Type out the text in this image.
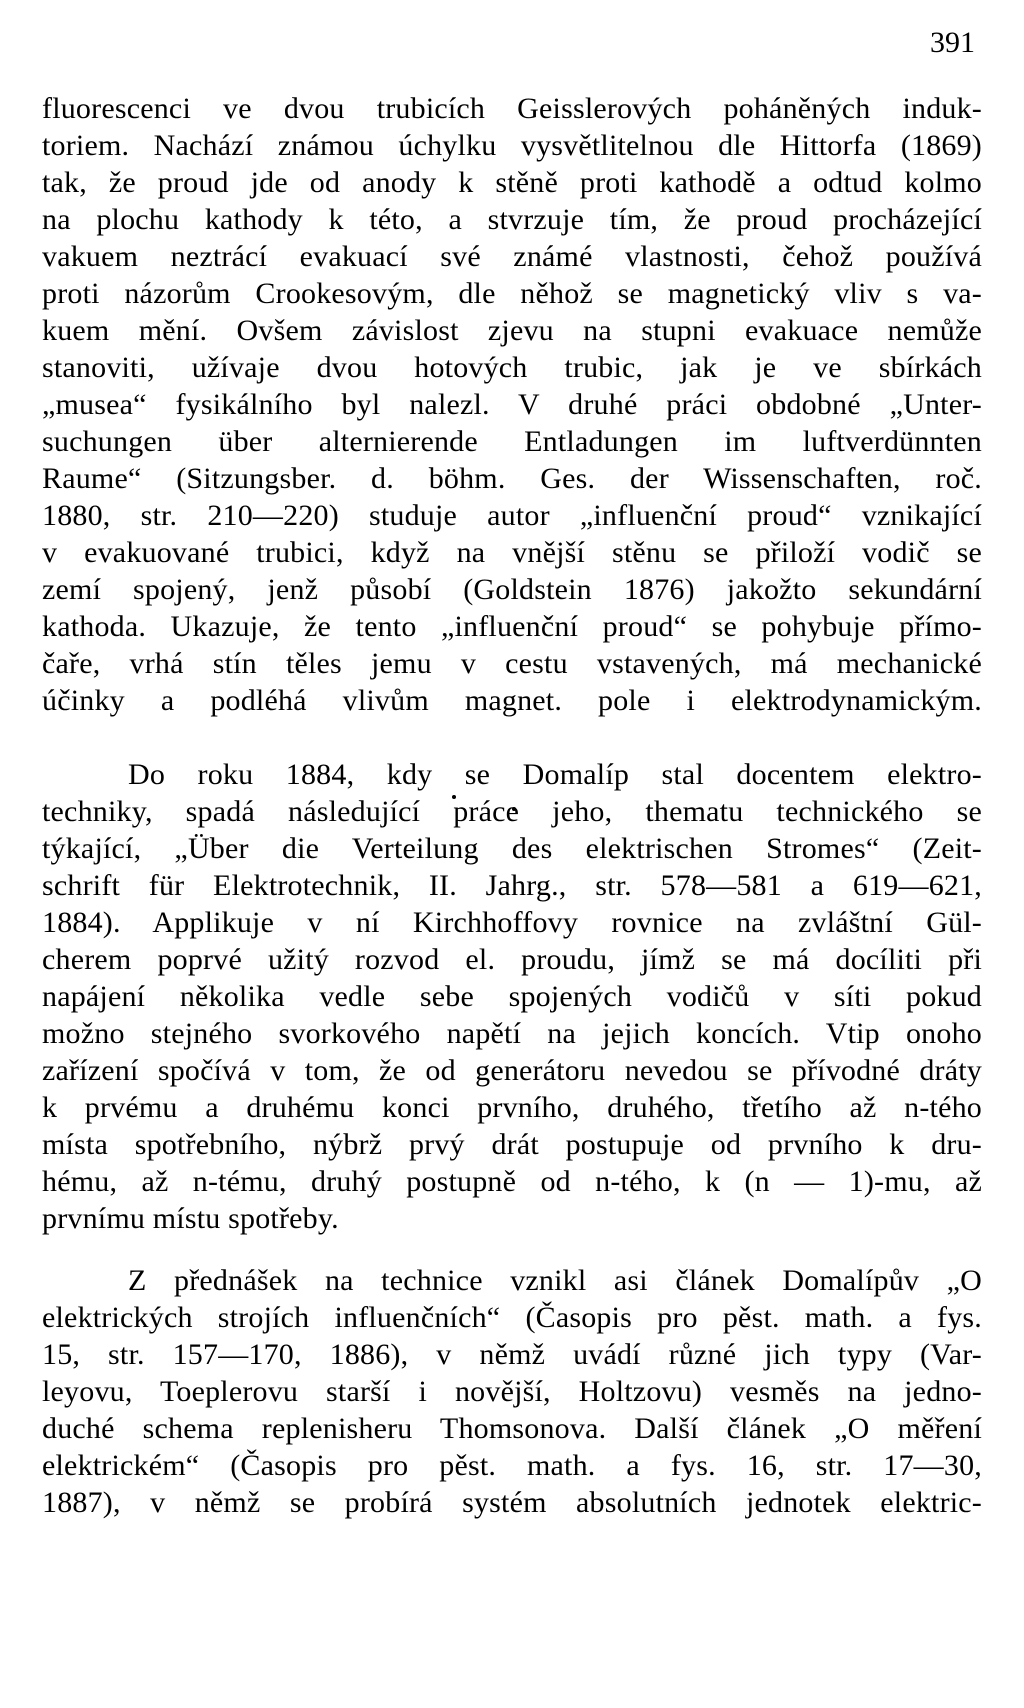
391
fluorescenci ve dvou trubicích Geisslerových poháněných induk-
toriem. Nachází známou úchylku vysvětlitelnou dle Hittorfa (1869)
tak, že proud jde od anody k stěně proti kathodě a odtud kolmo
na plochu kathody k této, a stvrzuje tím, že proud procházející
vakuem neztrácí evakuací své známé vlastnosti, čehož používá
proti názorům Crookesovým, dle něhož se magnetický vliv s va-
kuem mění. Ovšem závislost zjevu na stupni evakuace nemůže
stanoviti, užívaje dvou hotových trubic, jak je ve sbírkách
„musea“ fysikálního byl nalezl. V druhé práci obdobné „Unter-
suchungen über alternierende Entladungen im luftverdünnten
Raume“ (Sitzungsber. d. böhm. Ges. der Wissenschaften, roč.
1880, str. 210—220) studuje autor „influenční proud“ vznikající
v evakuované trubici, když na vnější stěnu se přiloží vodič se
zemí spojený, jenž působí (Goldstein 1876) jakožto sekundární
kathoda. Ukazuje, že tento „influenční proud“ se pohybuje přímo-
čaře, vrhá stín těles jemu v cestu vstavených, má mechanické
účinky a podléhá vlivům magnet. pole i elektrodynamickým.
Do roku 1884, kdy se Domalíp stal docentem elektro-
techniky, spadá následující práce jeho, thematu technického se
týkající, „Über die Verteilung des elektrischen Stromes“ (Zeit-
schrift für Elektrotechnik, II. Jahrg., str. 578—581 a 619—621,
1884). Applikuje v ní Kirchhoffovy rovnice na zvláštní Gül-
cherem poprvé užitý rozvod el. proudu, jímž se má docíliti při
napájení několika vedle sebe spojených vodičů v síti pokud
možno stejného svorkového napětí na jejich koncích. Vtip onoho
zařízení spočívá v tom, že od generátoru nevedou se přívodné dráty
k prvému a druhému konci prvního, druhého, třetího až n-tého
místa spotřebního, nýbrž prvý drát postupuje od prvního k dru-
hému, až n-tému, druhý postupně od n-tého, k (n — 1)-mu, až
prvnímu místu spotřeby.
Z přednášek na technice vznikl asi článek Domalípův „O
elektrických strojích influenčních“ (Časopis pro pěst. math. a fys.
15, str. 157—170, 1886), v němž uvádí různé jich typy (Var-
leyovu, Toeplerovu starší i novější, Holtzovu) vesměs na jedno-
duché schema replenisheru Thomsonova. Další článek „O měření
elektrickém“ (Časopis pro pěst. math. a fys. 16, str. 17—30,
1887), v němž se probírá systém absolutních jednotek elektric-
